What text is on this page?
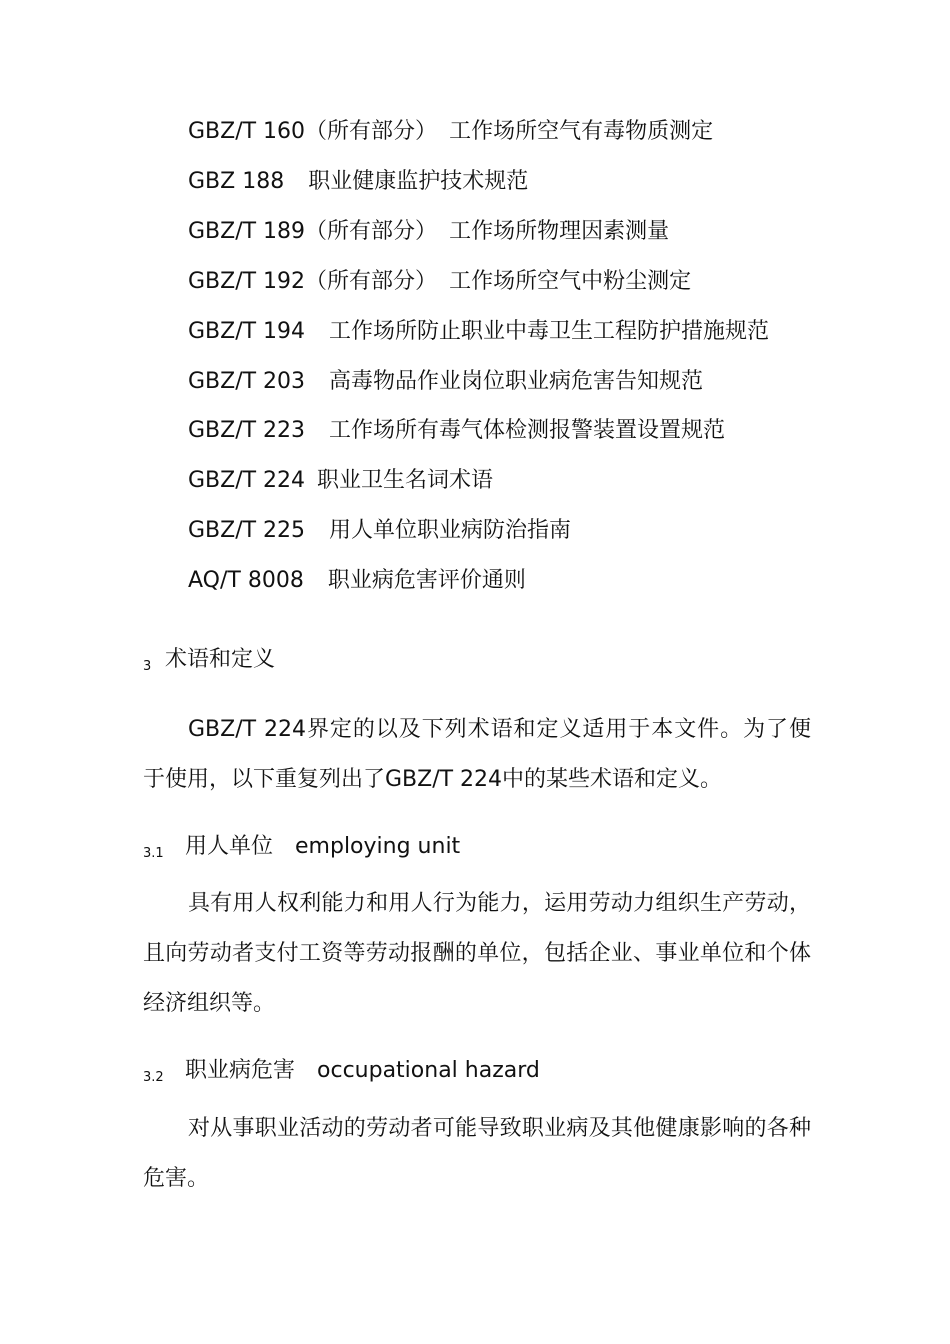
GBZ/T 160（所有部分） 工作场所空气有毒物质测定
GBZ 188 职业健康监护技术规范
GBZ/T 189（所有部分） 工作场所物理因素测量
GBZ/T 192（所有部分） 工作场所空气中粉尘测定
GBZ/T 194 工作场所防止职业中毒卫生工程防护措施规范
GBZ/T 203 高毒物品作业岗位职业病危害告知规范
GBZ/T 223 工作场所有毒气体检测报警装置设置规范
GBZ/T 224 职业卫生名词术语
GBZ/T 225 用人单位职业病防治指南
AQ/T 8008 职业病危害评价通则
3 术语和定义
GBZ/T 224界定的以及下列术语和定义适用于本文件。为了便于使用，以下重复列出了GBZ/T 224中的某些术语和定义。
3.1 用人单位 employing unit
具有用人权利能力和用人行为能力，运用劳动力组织生产劳动，且向劳动者支付工资等劳动报酬的单位，包括企业、事业单位和个体经济组织等。
3.2 职业病危害 occupational hazard
对从事职业活动的劳动者可能导致职业病及其他健康影响的各种危害。
